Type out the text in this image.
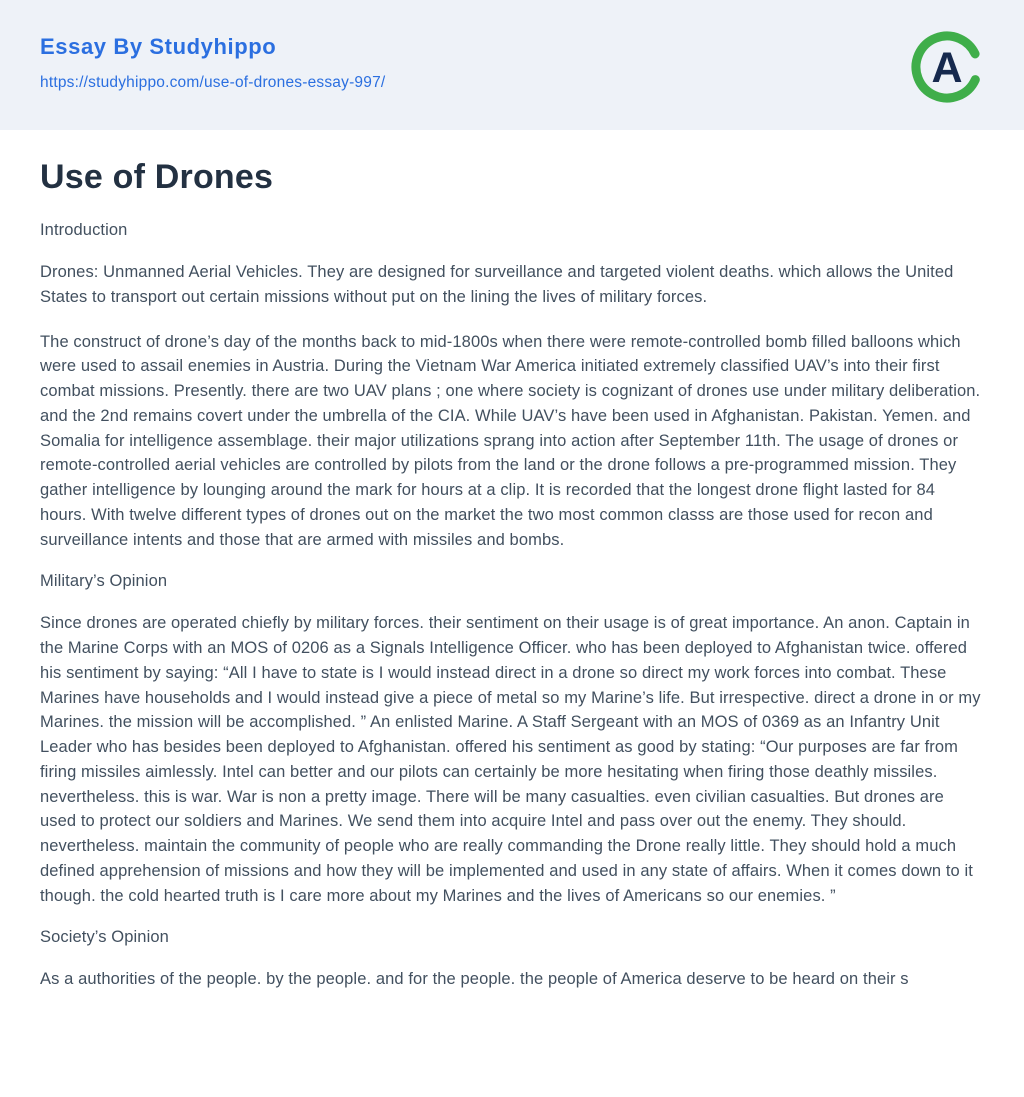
Essay By Studyhippo
https://studyhippo.com/use-of-drones-essay-997/	A
Use of Drones
Introduction

Drones: Unmanned Aerial Vehicles. They are designed for surveillance and targeted violent deaths. which allows the United States to transport out certain missions without put on the lining the lives of military forces.

The construct of drone’s day of the months back to mid-1800s when there were remote-controlled bomb filled balloons which were used to assail enemies in Austria. During the Vietnam War America initiated extremely classified UAV’s into their first combat missions. Presently. there are two UAV plans ; one where society is cognizant of drones use under military deliberation. and the 2nd remains covert under the umbrella of the CIA. While UAV’s have been used in Afghanistan. Pakistan. Yemen. and Somalia for intelligence assemblage. their major utilizations sprang into action after September 11th. The usage of drones or remote-controlled aerial vehicles are controlled by pilots from the land or the drone follows a pre-programmed mission. They gather intelligence by lounging around the mark for hours at a clip. It is recorded that the longest drone flight lasted for 84 hours. With twelve different types of drones out on the market the two most common classs are those used for recon and surveillance intents and those that are armed with missiles and bombs.

Military’s Opinion

Since drones are operated chiefly by military forces. their sentiment on their usage is of great importance. An anon. Captain in the Marine Corps with an MOS of 0206 as a Signals Intelligence Officer. who has been deployed to Afghanistan twice. offered his sentiment by saying: “All I have to state is I would instead direct in a drone so direct my work forces into combat. These Marines have households and I would instead give a piece of metal so my Marine’s life. But irrespective. direct a drone in or my Marines. the mission will be accomplished. ” An enlisted Marine. A Staff Sergeant with an MOS of 0369 as an Infantry Unit Leader who has besides been deployed to Afghanistan. offered his sentiment as good by stating: “Our purposes are far from firing missiles aimlessly. Intel can better and our pilots can certainly be more hesitating when firing those deathly missiles. nevertheless. this is war. War is non a pretty image. There will be many casualties. even civilian casualties. But drones are used to protect our soldiers and Marines. We send them into acquire Intel and pass over out the enemy. They should. nevertheless. maintain the community of people who are really commanding the Drone really little. They should hold a much defined apprehension of missions and how they will be implemented and used in any state of affairs. When it comes down to it though. the cold hearted truth is I care more about my Marines and the lives of Americans so our enemies. ”

Society’s Opinion

As a authorities of the people. by the people. and for the people. the people of America deserve to be heard on their s
